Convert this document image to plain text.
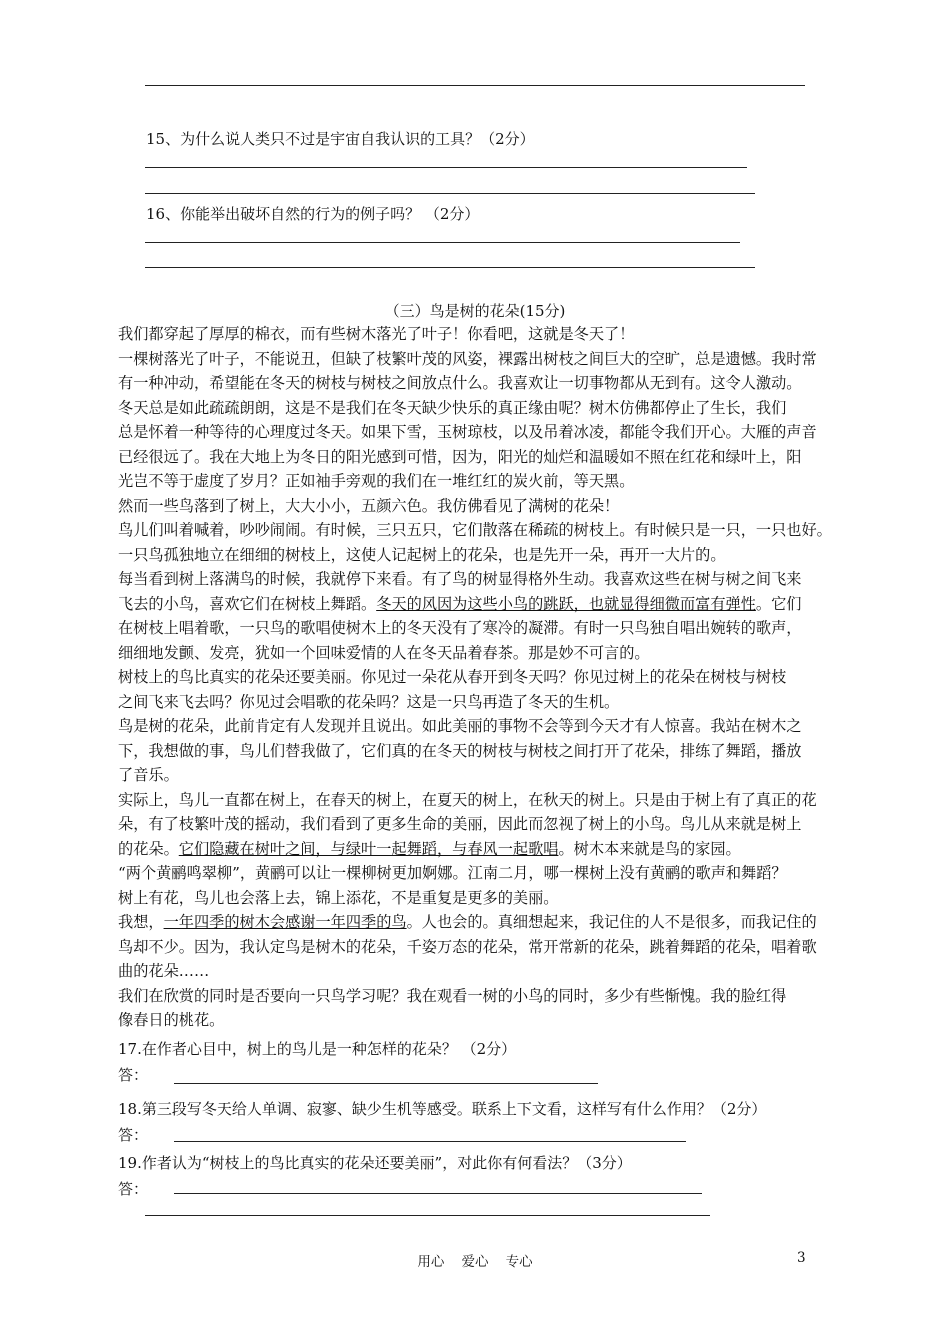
15、为什么说人类只不过是宇宙自我认识的工具？（2分）
16、你能举出破坏自然的行为的例子吗？ （2分）
（三）鸟是树的花朵(15分)
我们都穿起了厚厚的棉衣，而有些树木落光了叶子！你看吧，这就是冬天了！
一棵树落光了叶子，不能说丑，但缺了枝繁叶茂的风姿，裸露出树枝之间巨大的空旷，总是遗憾。我时常
有一种冲动，希望能在冬天的树枝与树枝之间放点什么。我喜欢让一切事物都从无到有。这令人激动。
冬天总是如此疏疏朗朗，这是不是我们在冬天缺少快乐的真正缘由呢？树木仿佛都停止了生长，我们
总是怀着一种等待的心理度过冬天。如果下雪，玉树琼枝，以及吊着冰凌，都能令我们开心。大雁的声音
已经很远了。我在大地上为冬日的阳光感到可惜，因为，阳光的灿烂和温暖如不照在红花和绿叶上，阳
光岂不等于虚度了岁月？正如袖手旁观的我们在一堆红红的炭火前，等天黑。
然而一些鸟落到了树上，大大小小，五颜六色。我仿佛看见了满树的花朵！
鸟儿们叫着喊着，吵吵闹闹。有时候，三只五只，它们散落在稀疏的树枝上。有时候只是一只，一只也好。
一只鸟孤独地立在细细的树枝上，这使人记起树上的花朵，也是先开一朵，再开一大片的。
每当看到树上落满鸟的时候，我就停下来看。有了鸟的树显得格外生动。我喜欢这些在树与树之间飞来
飞去的小鸟，喜欢它们在树枝上舞蹈。冬天的风因为这些小鸟的跳跃，也就显得细微而富有弹性。它们
在树枝上唱着歌，一只鸟的歌唱使树木上的冬天没有了寒冷的凝滞。有时一只鸟独自唱出婉转的歌声，
细细地发颤、发亮，犹如一个回味爱情的人在冬天品着春茶。那是妙不可言的。
树枝上的鸟比真实的花朵还要美丽。你见过一朵花从春开到冬天吗？你见过树上的花朵在树枝与树枝
之间飞来飞去吗？你见过会唱歌的花朵吗？这是一只鸟再造了冬天的生机。
鸟是树的花朵，此前肯定有人发现并且说出。如此美丽的事物不会等到今天才有人惊喜。我站在树木之
下，我想做的事，鸟儿们替我做了，它们真的在冬天的树枝与树枝之间打开了花朵，排练了舞蹈，播放
了音乐。
实际上，鸟儿一直都在树上，在春天的树上，在夏天的树上，在秋天的树上。只是由于树上有了真正的花
朵，有了枝繁叶茂的摇动，我们看到了更多生命的美丽，因此而忽视了树上的小鸟。鸟儿从来就是树上
的花朵。它们隐藏在树叶之间，与绿叶一起舞蹈，与春风一起歌唱。树木本来就是鸟的家园。
“两个黄鹂鸣翠柳”，黄鹂可以让一棵柳树更加婀娜。江南二月，哪一棵树上没有黄鹂的歌声和舞蹈？
树上有花，鸟儿也会落上去，锦上添花，不是重复是更多的美丽。
我想，一年四季的树木会感谢一年四季的鸟。人也会的。真细想起来，我记住的人不是很多，而我记住的
鸟却不少。因为，我认定鸟是树木的花朵，千姿万态的花朵，常开常新的花朵，跳着舞蹈的花朵，唱着歌
曲的花朵……
我们在欣赏的同时是否要向一只鸟学习呢？我在观看一树的小鸟的同时，多少有些惭愧。我的脸红得
像春日的桃花。
17.在作者心目中，树上的鸟儿是一种怎样的花朵？ （2分）
答：
18.第三段写冬天给人单调、寂寥、缺少生机等感受。联系上下文看，这样写有什么作用？（2分）
答：
19.作者认为“树枝上的鸟比真实的花朵还要美丽”，对此你有何看法？（3分）
答：
用心    爱心    专心	3
